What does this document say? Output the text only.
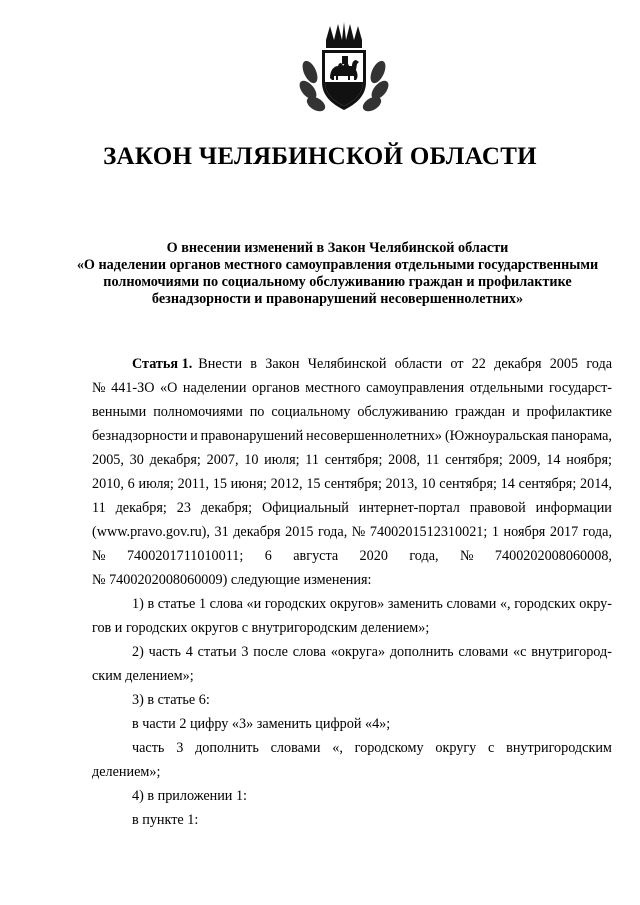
ЗАКОН ЧЕЛЯБИНСКОЙ ОБЛАСТИ
О внесении изменений в Закон Челябинской области
«О наделении органов местного самоуправления отдельными государственными
полномочиями по социальному обслуживанию граждан и профилактике
безнадзорности и правонарушений несовершеннолетних»
Статья 1. Внести в Закон Челябинской области от 22 декабря 2005 года
№ 441-ЗО «О наделении органов местного самоуправления отдельными государст-
венными полномочиями по социальному обслуживанию граждан и профилактике
безнадзорности и правонарушений несовершеннолетних» (Южноуральская панорама,
2005, 30 декабря; 2007, 10 июля; 11 сентября; 2008, 11 сентября; 2009, 14 ноября;
2010, 6 июля; 2011, 15 июня; 2012, 15 сентября; 2013, 10 сентября; 14 сентября; 2014,
11 декабря; 23 декабря; Официальный интернет-портал правовой информации
(www.pravo.gov.ru), 31 декабря 2015 года, № 7400201512310021; 1 ноября 2017 года,
№ 7400201711010011; 6 августа 2020 года, № 7400202008060008,
№ 7400202008060009) следующие изменения:
1) в статье 1 слова «и городских округов» заменить словами «, городских окру-
гов и городских округов с внутригородским делением»;
2) часть 4 статьи 3 после слова «округа» дополнить словами «с внутригород-
ским делением»;
3) в статье 6:
в части 2 цифру «3» заменить цифрой «4»;
часть 3 дополнить словами «, городскому округу с внутригородским
делением»;
4) в приложении 1:
в пункте 1:
